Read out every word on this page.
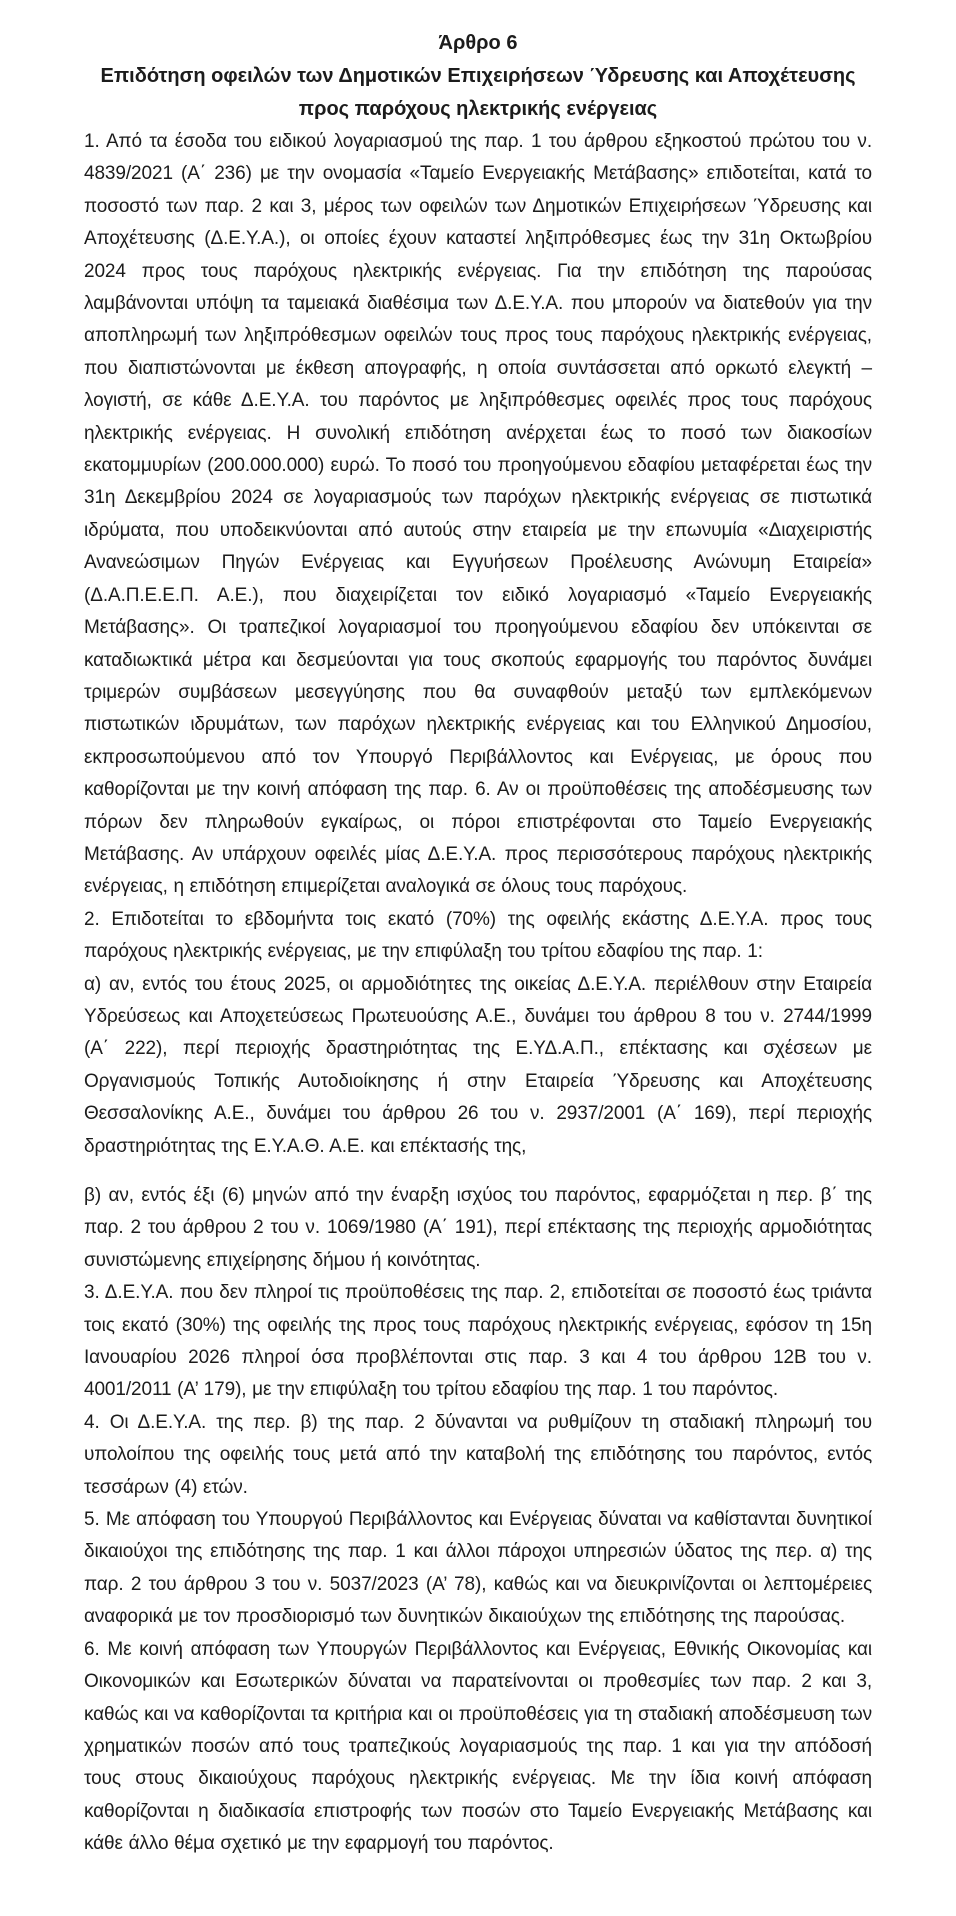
Άρθρο 6
Επιδότηση οφειλών των Δημοτικών Επιχειρήσεων Ύδρευσης και Αποχέτευσης προς παρόχους ηλεκτρικής ενέργειας

1. Από τα έσοδα του ειδικού λογαριασμού της παρ. 1 του άρθρου εξηκοστού πρώτου του ν. 4839/2021 (Α΄ 236) με την ονομασία «Ταμείο Ενεργειακής Μετάβασης» επιδοτείται, κατά το ποσοστό των παρ. 2 και 3, μέρος των οφειλών των Δημοτικών Επιχειρήσεων Ύδρευσης και Αποχέτευσης (Δ.Ε.Υ.Α.), οι οποίες έχουν καταστεί ληξιπρόθεσμες έως την 31η Οκτωβρίου 2024 προς τους παρόχους ηλεκτρικής ενέργειας. Για την επιδότηση της παρούσας λαμβάνονται υπόψη τα ταμειακά διαθέσιμα των Δ.Ε.Υ.Α. που μπορούν να διατεθούν για την αποπληρωμή των ληξιπρόθεσμων οφειλών τους προς τους παρόχους ηλεκτρικής ενέργειας, που διαπιστώνονται με έκθεση απογραφής, η οποία συντάσσεται από ορκωτό ελεγκτή – λογιστή, σε κάθε Δ.Ε.Υ.Α. του παρόντος με ληξιπρόθεσμες οφειλές προς τους παρόχους ηλεκτρικής ενέργειας. Η συνολική επιδότηση ανέρχεται έως το ποσό των διακοσίων εκατομμυρίων (200.000.000) ευρώ. Το ποσό του προηγούμενου εδαφίου μεταφέρεται έως την 31η Δεκεμβρίου 2024 σε λογαριασμούς των παρόχων ηλεκτρικής ενέργειας σε πιστωτικά ιδρύματα, που υποδεικνύονται από αυτούς στην εταιρεία με την επωνυμία «Διαχειριστής Ανανεώσιμων Πηγών Ενέργειας και Εγγυήσεων Προέλευσης Ανώνυμη Εταιρεία» (Δ.Α.Π.Ε.Ε.Π. Α.Ε.), που διαχειρίζεται τον ειδικό λογαριασμό «Ταμείο Ενεργειακής Μετάβασης». Οι τραπεζικοί λογαριασμοί του προηγούμενου εδαφίου δεν υπόκεινται σε καταδιωκτικά μέτρα και δεσμεύονται για τους σκοπούς εφαρμογής του παρόντος δυνάμει τριμερών συμβάσεων μεσεγγύησης που θα συναφθούν μεταξύ των εμπλεκόμενων πιστωτικών ιδρυμάτων, των παρόχων ηλεκτρικής ενέργειας και του Ελληνικού Δημοσίου, εκπροσωπούμενου από τον Υπουργό Περιβάλλοντος και Ενέργειας, με όρους που καθορίζονται με την κοινή απόφαση της παρ. 6. Αν οι προϋποθέσεις της αποδέσμευσης των πόρων δεν πληρωθούν εγκαίρως, οι πόροι επιστρέφονται στο Ταμείο Ενεργειακής Μετάβασης. Αν υπάρχουν οφειλές μίας Δ.Ε.Υ.Α. προς περισσότερους παρόχους ηλεκτρικής ενέργειας, η επιδότηση επιμερίζεται αναλογικά σε όλους τους παρόχους.

2. Επιδοτείται το εβδομήντα τοις εκατό (70%) της οφειλής εκάστης Δ.Ε.Υ.Α. προς τους παρόχους ηλεκτρικής ενέργειας, με την επιφύλαξη του τρίτου εδαφίου της παρ. 1:

α) αν, εντός του έτους 2025, οι αρμοδιότητες της οικείας Δ.Ε.Υ.Α. περιέλθουν στην Εταιρεία Υδρεύσεως και Αποχετεύσεως Πρωτευούσης Α.Ε., δυνάμει του άρθρου 8 του ν. 2744/1999 (Α΄ 222), περί περιοχής δραστηριότητας της Ε.ΥΔ.Α.Π., επέκτασης και σχέσεων με Οργανισμούς Τοπικής Αυτοδιοίκησης ή στην Εταιρεία Ύδρευσης και Αποχέτευσης Θεσσαλονίκης Α.Ε., δυνάμει του άρθρου 26 του ν. 2937/2001 (Α΄ 169), περί περιοχής δραστηριότητας της Ε.Υ.Α.Θ. Α.Ε. και επέκτασής της,

β) αν, εντός έξι (6) μηνών από την έναρξη ισχύος του παρόντος, εφαρμόζεται η περ. β΄ της παρ. 2 του άρθρου 2 του ν. 1069/1980 (Α΄ 191), περί επέκτασης της περιοχής αρμοδιότητας συνιστώμενης επιχείρησης δήμου ή κοινότητας.

3. Δ.Ε.Υ.Α. που δεν πληροί τις προϋποθέσεις της παρ. 2, επιδοτείται σε ποσοστό έως τριάντα τοις εκατό (30%) της οφειλής της προς τους παρόχους ηλεκτρικής ενέργειας, εφόσον τη 15η Ιανουαρίου 2026 πληροί όσα προβλέπονται στις παρ. 3 και 4 του άρθρου 12Β του ν. 4001/2011 (Α’ 179), με την επιφύλαξη του τρίτου εδαφίου της παρ. 1 του παρόντος.

4. Οι Δ.Ε.Υ.Α. της περ. β) της παρ. 2 δύνανται να ρυθμίζουν τη σταδιακή πληρωμή του υπολοίπου της οφειλής τους μετά από την καταβολή της επιδότησης του παρόντος, εντός τεσσάρων (4) ετών.

5. Με απόφαση του Υπουργού Περιβάλλοντος και Ενέργειας δύναται να καθίστανται δυνητικοί δικαιούχοι της επιδότησης της παρ. 1 και άλλοι πάροχοι υπηρεσιών ύδατος της περ. α) της παρ. 2 του άρθρου 3 του ν. 5037/2023 (Α’ 78), καθώς και να διευκρινίζονται οι λεπτομέρειες αναφορικά με τον προσδιορισμό των δυνητικών δικαιούχων της επιδότησης της παρούσας.

6. Με κοινή απόφαση των Υπουργών Περιβάλλοντος και Ενέργειας, Εθνικής Οικονομίας και Οικονομικών και Εσωτερικών δύναται να παρατείνονται οι προθεσμίες των παρ. 2 και 3, καθώς και να καθορίζονται τα κριτήρια και οι προϋποθέσεις για τη σταδιακή αποδέσμευση των χρηματικών ποσών από τους τραπεζικούς λογαριασμούς της παρ. 1 και για την απόδοσή τους στους δικαιούχους παρόχους ηλεκτρικής ενέργειας. Με την ίδια κοινή απόφαση καθορίζονται η διαδικασία επιστροφής των ποσών στο Ταμείο Ενεργειακής Μετάβασης και κάθε άλλο θέμα σχετικό με την εφαρμογή του παρόντος.
